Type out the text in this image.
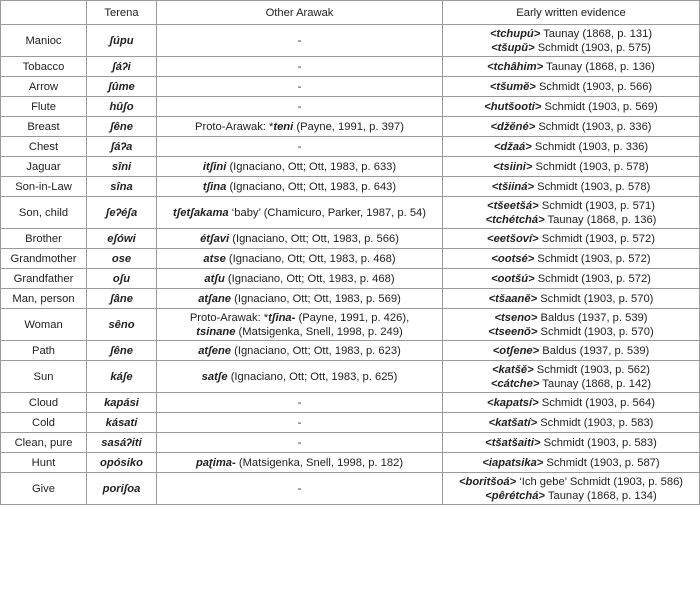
	Terena	Other Arawak	Early written evidence
Manioc	ʃúpu	-	<tchupú> Taunay (1868, p. 131)
<tšupŭ> Schmidt (1903, p. 575)

Tobacco	ʃáʔi	-	<tchâhim> Taunay (1868, p. 136)

Arrow	ʃûme	-	<tšumĕ> Schmidt (1903, p. 566)

Flute	hûʃo	-	<hutšooti> Schmidt (1903, p. 569)

Breast	ʃêne	Proto-Arawak: *teni (Payne, 1991, p. 397)	<džĕné> Schmidt (1903, p. 336)

Chest	ʃáʔa	-	<džaá> Schmidt (1903, p. 336)

Jaguar	sîni	itʃini (Ignaciano, Ott; Ott, 1983, p. 633)	<tsiini> Schmidt (1903, p. 578)

Son-in-Law	sîna	tʃina (Ignaciano, Ott; Ott, 1983, p. 643)	<tšiiná> Schmidt (1903, p. 578)

Son, child	ʃeʔéʃa	tʃetʃakama ‘baby’ (Chamicuro, Parker, 1987, p. 54)	<tšeetšá> Schmidt (1903, p. 571)
<tchétchá> Taunay (1868, p. 136)

Brother	eʃówi	étʃavi (Ignaciano, Ott; Ott, 1983, p. 566)	<eetšoví> Schmidt (1903, p. 572)

Grandmother	ose	atse (Ignaciano, Ott; Ott, 1983, p. 468)	<ootsé> Schmidt (1903, p. 572)

Grandfather	oʃu	atʃu (Ignaciano, Ott; Ott, 1983, p. 468)	<ootšú> Schmidt (1903, p. 572)

Man, person	ʃâne	atʃane (Ignaciano, Ott; Ott, 1983, p. 569)	<tšaanĕ> Schmidt (1903, p. 570)

Woman	sêno	Proto-Arawak: *tʃina- (Payne, 1991, p. 426),
tsinane (Matsigenka, Snell, 1998, p. 249)	<tseno> Baldus (1937, p. 539)
<tseenŏ> Schmidt (1903, p. 570)

Path	ʃêne	atʃene (Ignaciano, Ott; Ott, 1983, p. 623)	<otʃene> Baldus (1937, p. 539)

Sun	káʃe	satʃe (Ignaciano, Ott; Ott, 1983, p. 625)	<katšĕ> Schmidt (1903, p. 562)
<cátche> Taunay (1868, p. 142)

Cloud	kapási	-	<kapatsí> Schmidt (1903, p. 564)

Cold	kásati	-	<katšatí> Schmidt (1903, p. 583)

Clean, pure	sasáʔiti	-	<tšatšaiti> Schmidt (1903, p. 583)

Hunt	opósiko	paʈima- (Matsigenka, Snell, 1998, p. 182)	<iapatsika> Schmidt (1903, p. 587)

Give	poriʃoa	-	<boritšoá> ‘Ich gebe’ Schmidt (1903, p. 586)
<pêrétchá> Taunay (1868, p. 134)
